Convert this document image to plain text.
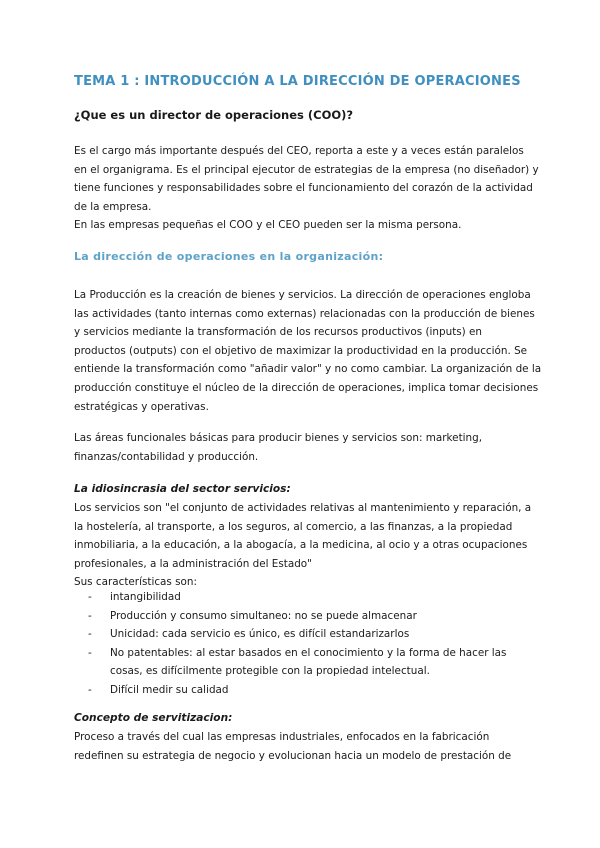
TEMA 1 : INTRODUCCIÓN A LA DIRECCIÓN DE OPERACIONES
¿Que es un director de operaciones (COO)?
Es el cargo más importante después del CEO, reporta a este y a veces están paralelos
en el organigrama. Es el principal ejecutor de estrategias de la empresa (no diseñador) y
tiene funciones y responsabilidades sobre el funcionamiento del corazón de la actividad
de la empresa.
En las empresas pequeñas el COO y el CEO pueden ser la misma persona.
La dirección de operaciones en la organización:
La Producción es la creación de bienes y servicios. La dirección de operaciones engloba
las actividades (tanto internas como externas) relacionadas con la producción de bienes
y servicios mediante la transformación de los recursos productivos (inputs) en
productos (outputs) con el objetivo de maximizar la productividad en la producción. Se
entiende la transformación como "añadir valor" y no como cambiar. La organización de la
producción constituye el núcleo de la dirección de operaciones, implica tomar decisiones
estratégicas y operativas.
Las áreas funcionales básicas para producir bienes y servicios son: marketing,
finanzas/contabilidad y producción.
La idiosincrasia del sector servicios:
Los servicios son "el conjunto de actividades relativas al mantenimiento y reparación, a
la hostelería, al transporte, a los seguros, al comercio, a las finanzas, a la propiedad
inmobiliaria, a la educación, a la abogacía, a la medicina, al ocio y a otras ocupaciones
profesionales, a la administración del Estado"
Sus características son:
- intangibilidad
- Producción y consumo simultaneo: no se puede almacenar
- Unicidad: cada servicio es único, es difícil estandarizarlos
- No patentables: al estar basados en el conocimiento y la forma de hacer las
cosas, es difícilmente protegible con la propiedad intelectual.
- Difícil medir su calidad
Concepto de servitizacion:
Proceso a través del cual las empresas industriales, enfocados en la fabricación
redefinen su estrategia de negocio y evolucionan hacia un modelo de prestación de
